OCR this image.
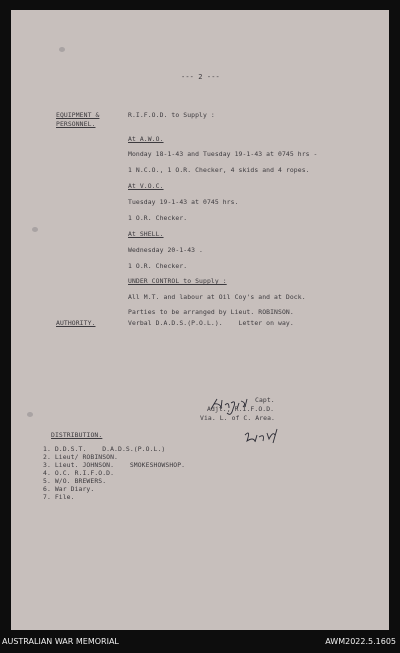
--- 2 ---
EQUIPMENT &
PERSONNEL.
R.I.F.O.D. to Supply :
At A.W.O.
Monday 18-1-43 and Tuesday 19-1-43 at 0745 hrs -
1 N.C.O., 1 O.R. Checker, 4 skids and 4 ropes.
At V.O.C.
Tuesday 19-1-43 at 0745 hrs.
1 O.R. Checker.
At SHELL.
Wednesday 20-1-43 .
1 O.R. Checker.
UNDER CONTROL to Supply :
All M.T. and labour at Oil Coy's and at Dock.
Parties to be arranged by Lieut. ROBINSON.
AUTHORITY.	Verbal D.A.D.S.(P.O.L.).    Letter on way.
Capt.
Adjt., R.I.F.O.D.
Via. L. of C. Area.
DISTRIBUTION.
1. D.D.S.T.    D.A.D.S.(P.O.L.)
2. Lieut/ ROBINSON.
3. Lieut. JOHNSON.    SMOKESHOWSHOP.
4. O.C. R.I.F.O.D.
5. W/O. BREWERS.
6. War Diary.
7. File.
AUSTRALIAN WAR MEMORIAL	AWM2022.5.1605
